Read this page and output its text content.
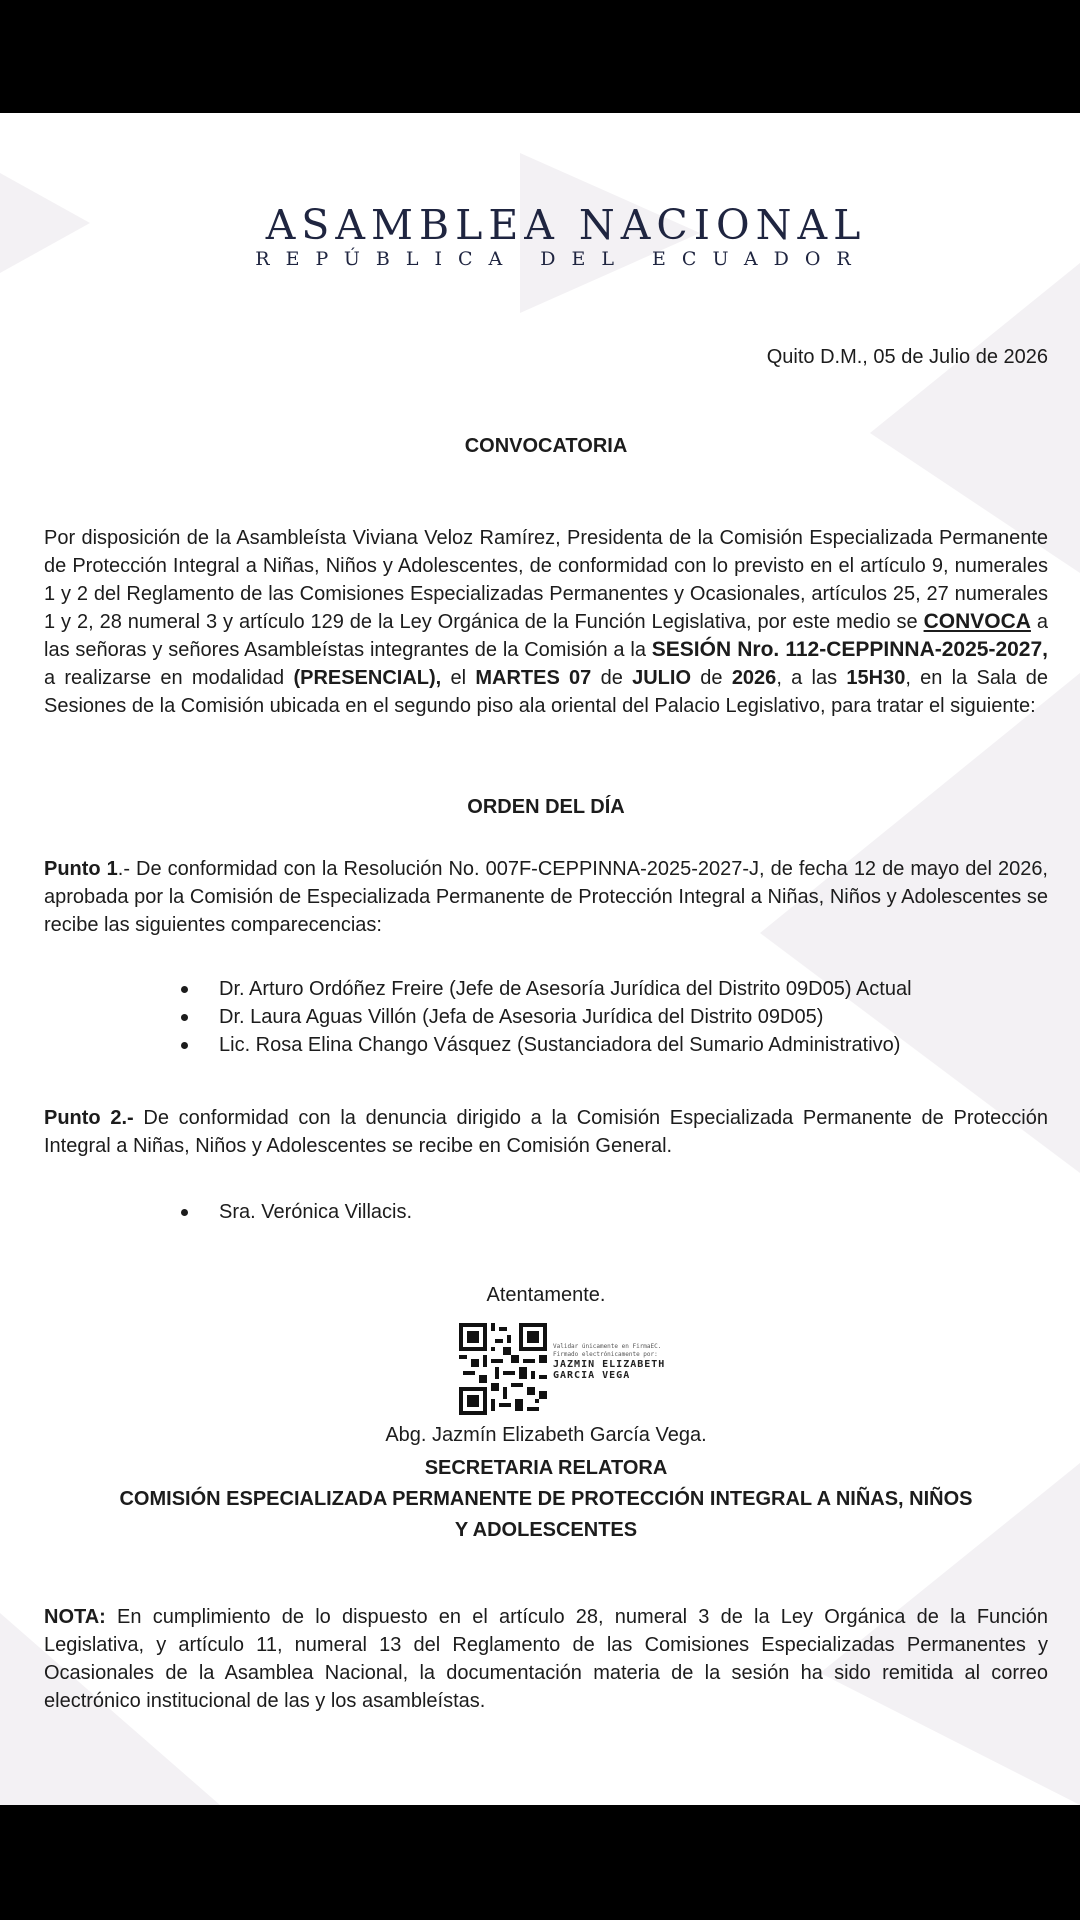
ASAMBLEA NACIONAL
REPÚBLICA DEL ECUADOR
Quito D.M., 05 de Julio de 2026
CONVOCATORIA
Por disposición de la Asambleísta Viviana Veloz Ramírez, Presidenta de la Comisión Especializada Permanente de Protección Integral a Niñas, Niños y Adolescentes, de conformidad con lo previsto en el artículo 9, numerales 1 y 2 del Reglamento de las Comisiones Especializadas Permanentes y Ocasionales, artículos 25, 27 numerales 1 y 2, 28 numeral 3 y artículo 129 de la Ley Orgánica de la Función Legislativa, por este medio se CONVOCA a las señoras y señores Asambleístas integrantes de la Comisión a la SESIÓN Nro. 112-CEPPINNA-2025-2027, a realizarse en modalidad (PRESENCIAL), el MARTES 07 de JULIO de 2026, a las 15H30, en la Sala de Sesiones de la Comisión ubicada en el segundo piso ala oriental del Palacio Legislativo, para tratar el siguiente:
ORDEN DEL DÍA
Punto 1.- De conformidad con la Resolución No. 007F-CEPPINNA-2025-2027-J, de fecha 12 de mayo del 2026, aprobada por la Comisión de Especializada Permanente de Protección Integral a Niñas, Niños y Adolescentes se recibe las siguientes comparecencias:
Dr. Arturo Ordóñez Freire (Jefe de Asesoría Jurídica del Distrito 09D05) Actual
Dr. Laura Aguas Villón (Jefa de Asesoria Jurídica del Distrito 09D05)
Lic. Rosa Elina Chango Vásquez (Sustanciadora del Sumario Administrativo)
Punto 2.- De conformidad con la denuncia dirigido a la Comisión Especializada Permanente de Protección Integral a Niñas, Niños y Adolescentes se recibe en Comisión General.
Sra. Verónica Villacis.
Atentamente.
Validar únicamente en FirmaEC.
Firmado electrónicamente por:
JAZMIN ELIZABETH
GARCIA VEGA
Abg. Jazmín Elizabeth García Vega.
SECRETARIA RELATORA
COMISIÓN ESPECIALIZADA PERMANENTE DE PROTECCIÓN INTEGRAL A NIÑAS, NIÑOS
Y ADOLESCENTES
NOTA: En cumplimiento de lo dispuesto en el artículo 28, numeral 3 de la Ley Orgánica de la Función Legislativa, y artículo 11, numeral 13 del Reglamento de las Comisiones Especializadas Permanentes y Ocasionales de la Asamblea Nacional, la documentación materia de la sesión ha sido remitida al correo electrónico institucional de las y los asambleístas.
